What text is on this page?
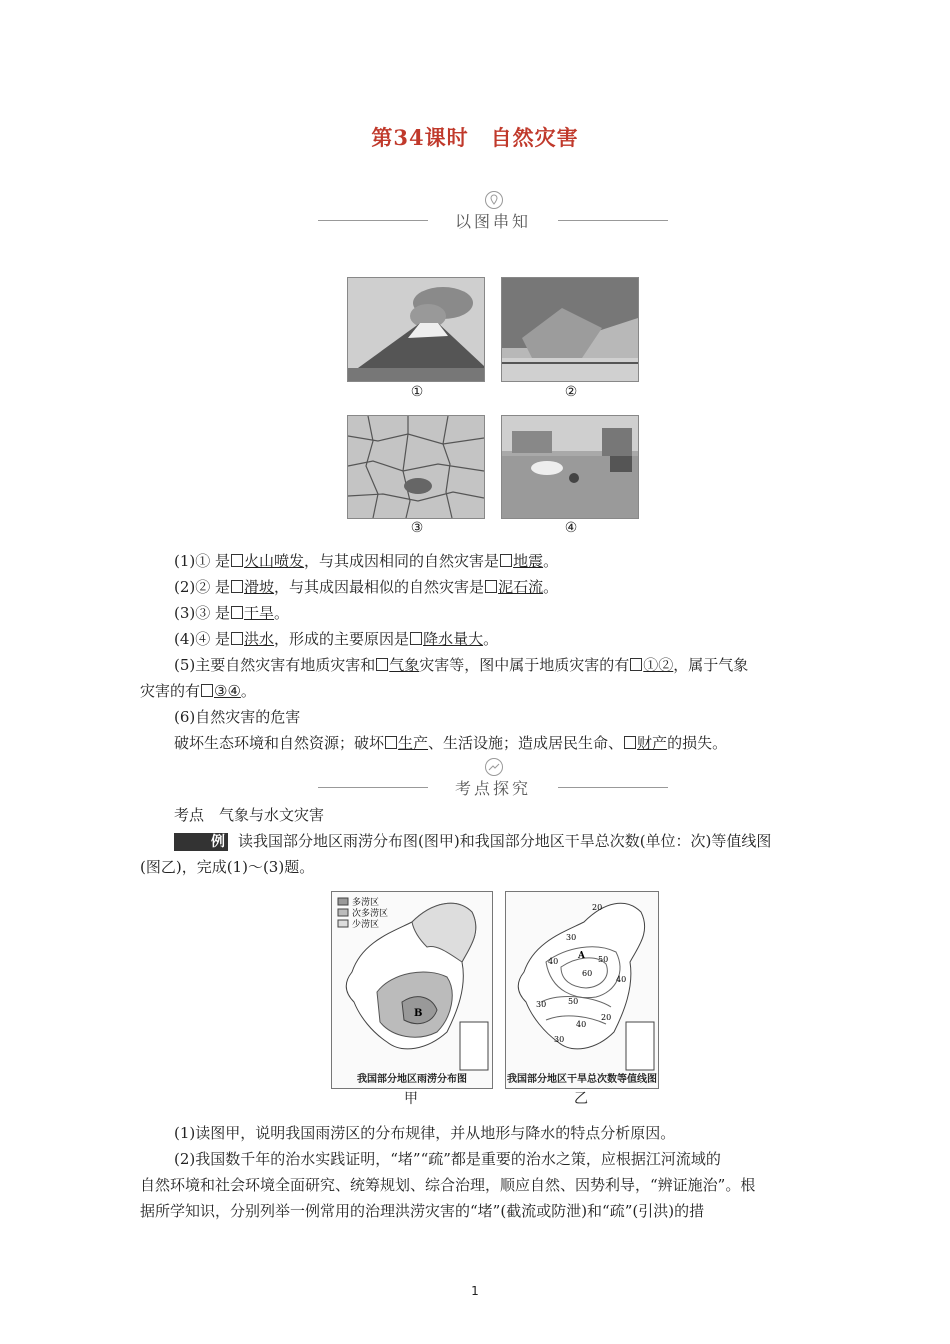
第34课时 自然灾害
以图串知
①	②
③	④
(1)① 是 火山喷发，与其成因相同的自然灾害是 地震。
(2)② 是 滑坡，与其成因最相似的自然灾害是 泥石流。
(3)③ 是 干旱。
(4)④ 是 洪水，形成的主要原因是 降水量大。
(5)主要自然灾害有地质灾害和 气象灾害等，图中属于地质灾害的有 ①②，属于气象
灾害的有 ③④。
(6)自然灾害的危害
破坏生态环境和自然资源；破坏 生产、生活设施；造成居民生命、 财产的损失。
考点探究
考点　气象与水文灾害
例 读我国部分地区雨涝分布图(图甲)和我国部分地区干旱总次数(单位：次)等值线图
(图乙)，完成(1)～(3)题。
B
多涝区
次多涝区
少涝区
我国部分地区雨涝分布图
甲
20
30
40	50
60
40
30
20
50
40
30
A
我国部分地区干旱总次数等值线图
乙
(1)读图甲，说明我国雨涝区的分布规律，并从地形与降水的特点分析原因。
(2)我国数千年的治水实践证明，“堵”“疏”都是重要的治水之策，应根据江河流域的
自然环境和社会环境全面研究、统筹规划、综合治理，顺应自然、因势利导，“辨证施治”。根
据所学知识，分别列举一例常用的治理洪涝灾害的“堵”(截流或防泄)和“疏”(引洪)的措
1
